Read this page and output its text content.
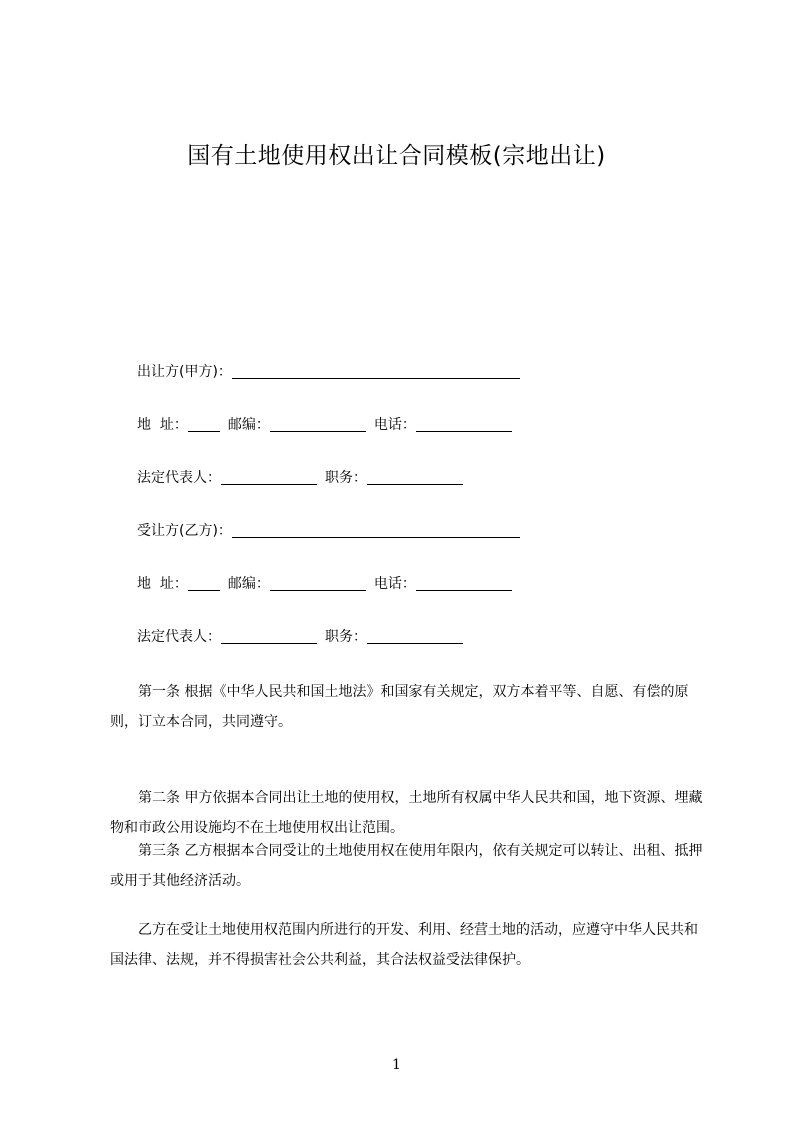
国有土地使用权出让合同模板(宗地出让)
出让方(甲方)：
地  址：	邮编：	电话：
法定代表人：	职务：
受让方(乙方)：
地  址：	邮编：	电话：
法定代表人：	职务：
第一条 根据《中华人民共和国土地法》和国家有关规定，双方本着平等、自愿、有偿的原则，订立本合同，共同遵守。
第二条 甲方依据本合同出让土地的使用权，土地所有权属中华人民共和国，地下资源、埋藏物和市政公用设施均不在土地使用权出让范围。
第三条 乙方根据本合同受让的土地使用权在使用年限内，依有关规定可以转让、出租、抵押或用于其他经济活动。
乙方在受让土地使用权范围内所进行的开发、利用、经营土地的活动，应遵守中华人民共和国法律、法规，并不得损害社会公共利益，其合法权益受法律保护。
1
